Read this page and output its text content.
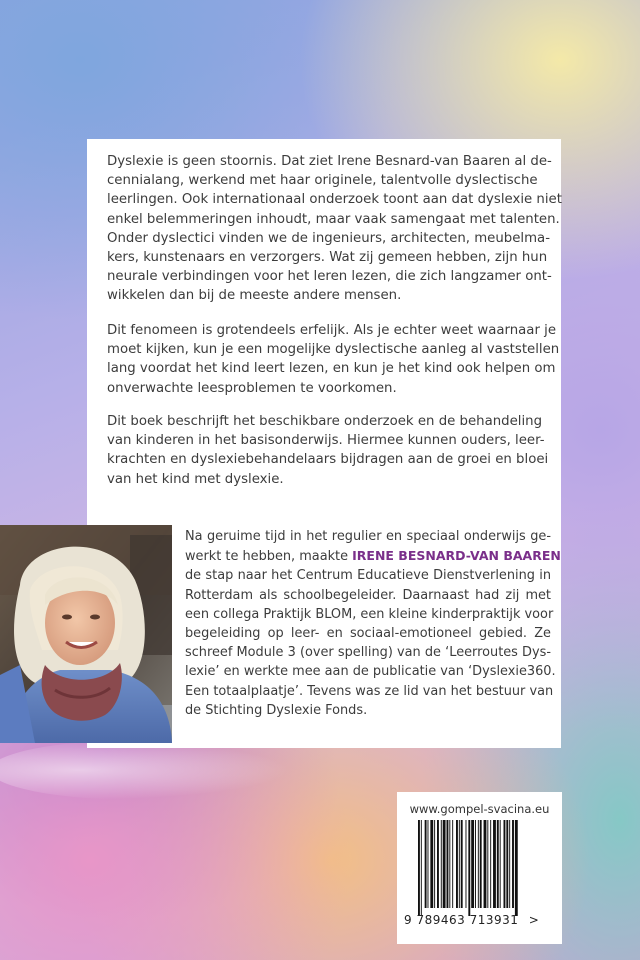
Dyslexie is geen stoornis. Dat ziet Irene Besnard-van Baaren al de-
cennialang, werkend met haar originele, talentvolle dyslectische
leerlingen. Ook internationaal onderzoek toont aan dat dyslexie niet
enkel belemmeringen inhoudt, maar vaak samengaat met talenten.
Onder dyslectici vinden we de ingenieurs, architecten, meubelma-
kers, kunstenaars en verzorgers. Wat zij gemeen hebben, zijn hun
neurale verbindingen voor het leren lezen, die zich langzamer ont-
wikkelen dan bij de meeste andere mensen.

Dit fenomeen is grotendeels erfelijk. Als je echter weet waarnaar je
moet kijken, kun je een mogelijke dyslectische aanleg al vaststellen
lang voordat het kind leert lezen, en kun je het kind ook helpen om
onverwachte leesproblemen te voorkomen.

Dit boek beschrijft het beschikbare onderzoek en de behandeling
van kinderen in het basisonderwijs. Hiermee kunnen ouders, leer-
krachten en dyslexiebehandelaars bijdragen aan de groei en bloei
van het kind met dyslexie.

Na geruime tijd in het regulier en speciaal onderwijs ge-
werkt te hebben, maakte IRENE BESNARD-VAN BAAREN
de stap naar het Centrum Educatieve Dienstverlening in
Rotterdam als schoolbegeleider. Daarnaast had zij met
een collega Praktijk BLOM, een kleine kinderpraktijk voor
begeleiding op leer- en sociaal-emotioneel gebied. Ze
schreef Module 3 (over spelling) van de ‘Leerroutes Dys-
lexie’ en werkte mee aan de publicatie van ‘Dyslexie360.
Een totaalplaatje’. Tevens was ze lid van het bestuur van
de Stichting Dyslexie Fonds.
www.gompel-svacina.eu
9 789463 713931 >
